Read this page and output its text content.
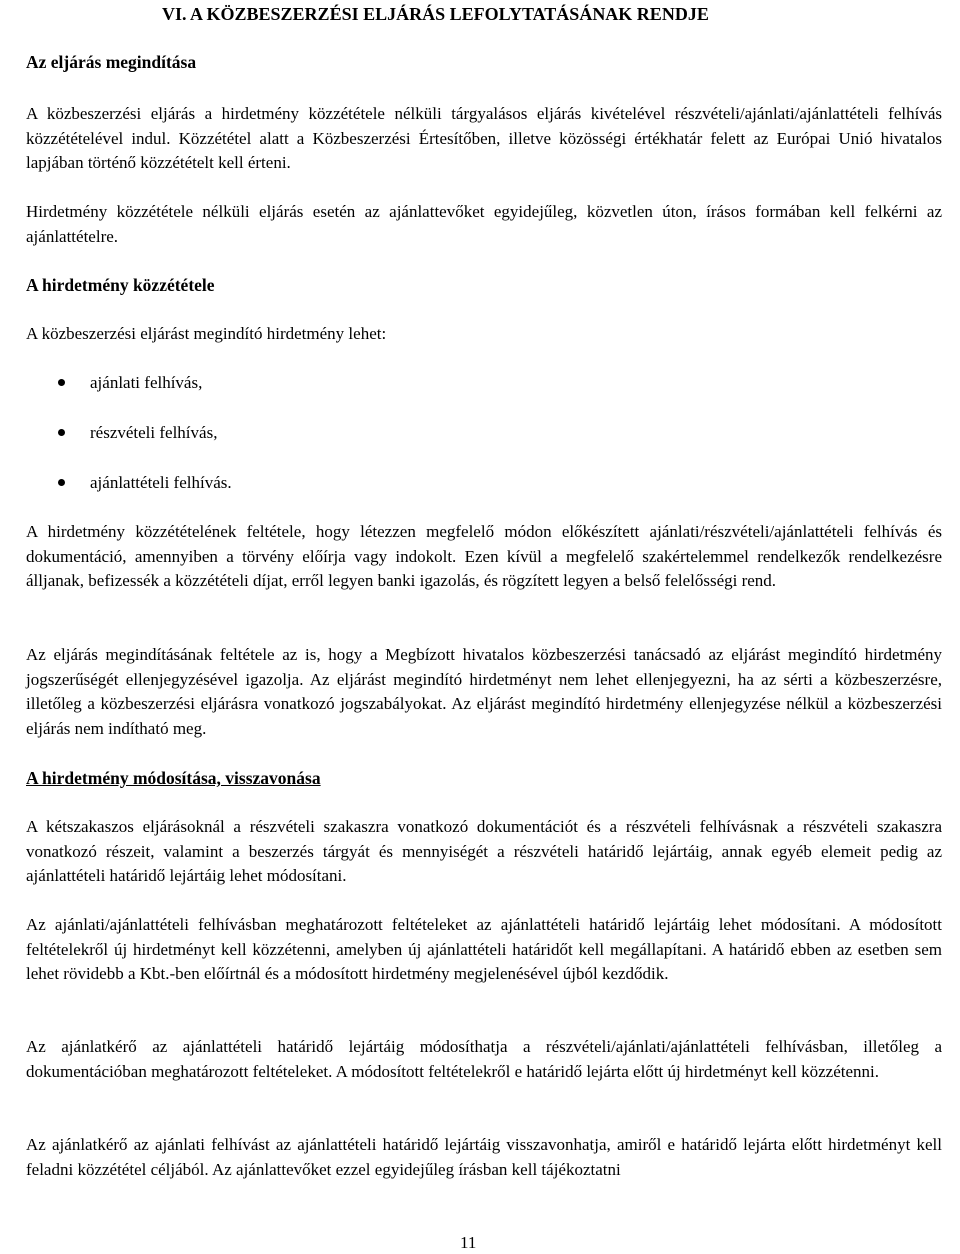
VI. A KÖZBESZERZÉSI ELJÁRÁS LEFOLYTATÁSÁNAK RENDJE
Az eljárás megindítása

A közbeszerzési eljárás a hirdetmény közzététele nélküli tárgyalásos eljárás kivételével részvételi/ajánlati/ajánlattételi felhívás közzétételével indul. Közzététel alatt a Közbeszerzési Értesítőben, illetve közösségi értékhatár felett az Európai Unió hivatalos lapjában történő közzétételt kell érteni.

Hirdetmény közzététele nélküli eljárás esetén az ajánlattevőket egyidejűleg, közvetlen úton, írásos formában kell felkérni az ajánlattételre.

A hirdetmény közzététele

A közbeszerzési eljárást megindító hirdetmény lehet:

ajánlati felhívás,
részvételi felhívás,
ajánlattételi felhívás.

A hirdetmény közzétételének feltétele, hogy létezzen megfelelő módon előkészített ajánlati/részvételi/ajánlattételi felhívás és dokumentáció, amennyiben a törvény előírja vagy indokolt. Ezen kívül a megfelelő szakértelemmel rendelkezők rendelkezésre álljanak, befizessék a közzétételi díjat, erről legyen banki igazolás, és rögzített legyen a belső felelősségi rend.

Az eljárás megindításának feltétele az is, hogy a Megbízott hivatalos közbeszerzési tanácsadó az eljárást megindító hirdetmény jogszerűségét ellenjegyzésével igazolja. Az eljárást megindító hirdetményt nem lehet ellenjegyezni, ha az sérti a közbeszerzésre, illetőleg a közbeszerzési eljárásra vonatkozó jogszabályokat. Az eljárást megindító hirdetmény ellenjegyzése nélkül a közbeszerzési eljárás nem indítható meg.

A hirdetmény módosítása, visszavonása

A kétszakaszos eljárásoknál a részvételi szakaszra vonatkozó dokumentációt és a részvételi felhívásnak a részvételi szakaszra vonatkozó részeit, valamint a beszerzés tárgyát és mennyiségét a részvételi határidő lejártáig, annak egyéb elemeit pedig az ajánlattételi határidő lejártáig lehet módosítani.

Az ajánlati/ajánlattételi felhívásban meghatározott feltételeket az ajánlattételi határidő lejártáig lehet módosítani. A módosított feltételekről új hirdetményt kell közzétenni, amelyben új ajánlattételi határidőt kell megállapítani. A határidő ebben az esetben sem lehet rövidebb a Kbt.-ben előírtnál és a módosított hirdetmény megjelenésével újból kezdődik.

Az ajánlatkérő az ajánlattételi határidő lejártáig módosíthatja a részvételi/ajánlati/ajánlattételi felhívásban, illetőleg a dokumentációban meghatározott feltételeket. A módosított feltételekről e határidő lejárta előtt új hirdetményt kell közzétenni.

Az ajánlatkérő az ajánlati felhívást az ajánlattételi határidő lejártáig visszavonhatja, amiről e határidő lejárta előtt hirdetményt kell feladni közzététel céljából. Az ajánlattevőket ezzel egyidejűleg írásban kell tájékoztatni

11
